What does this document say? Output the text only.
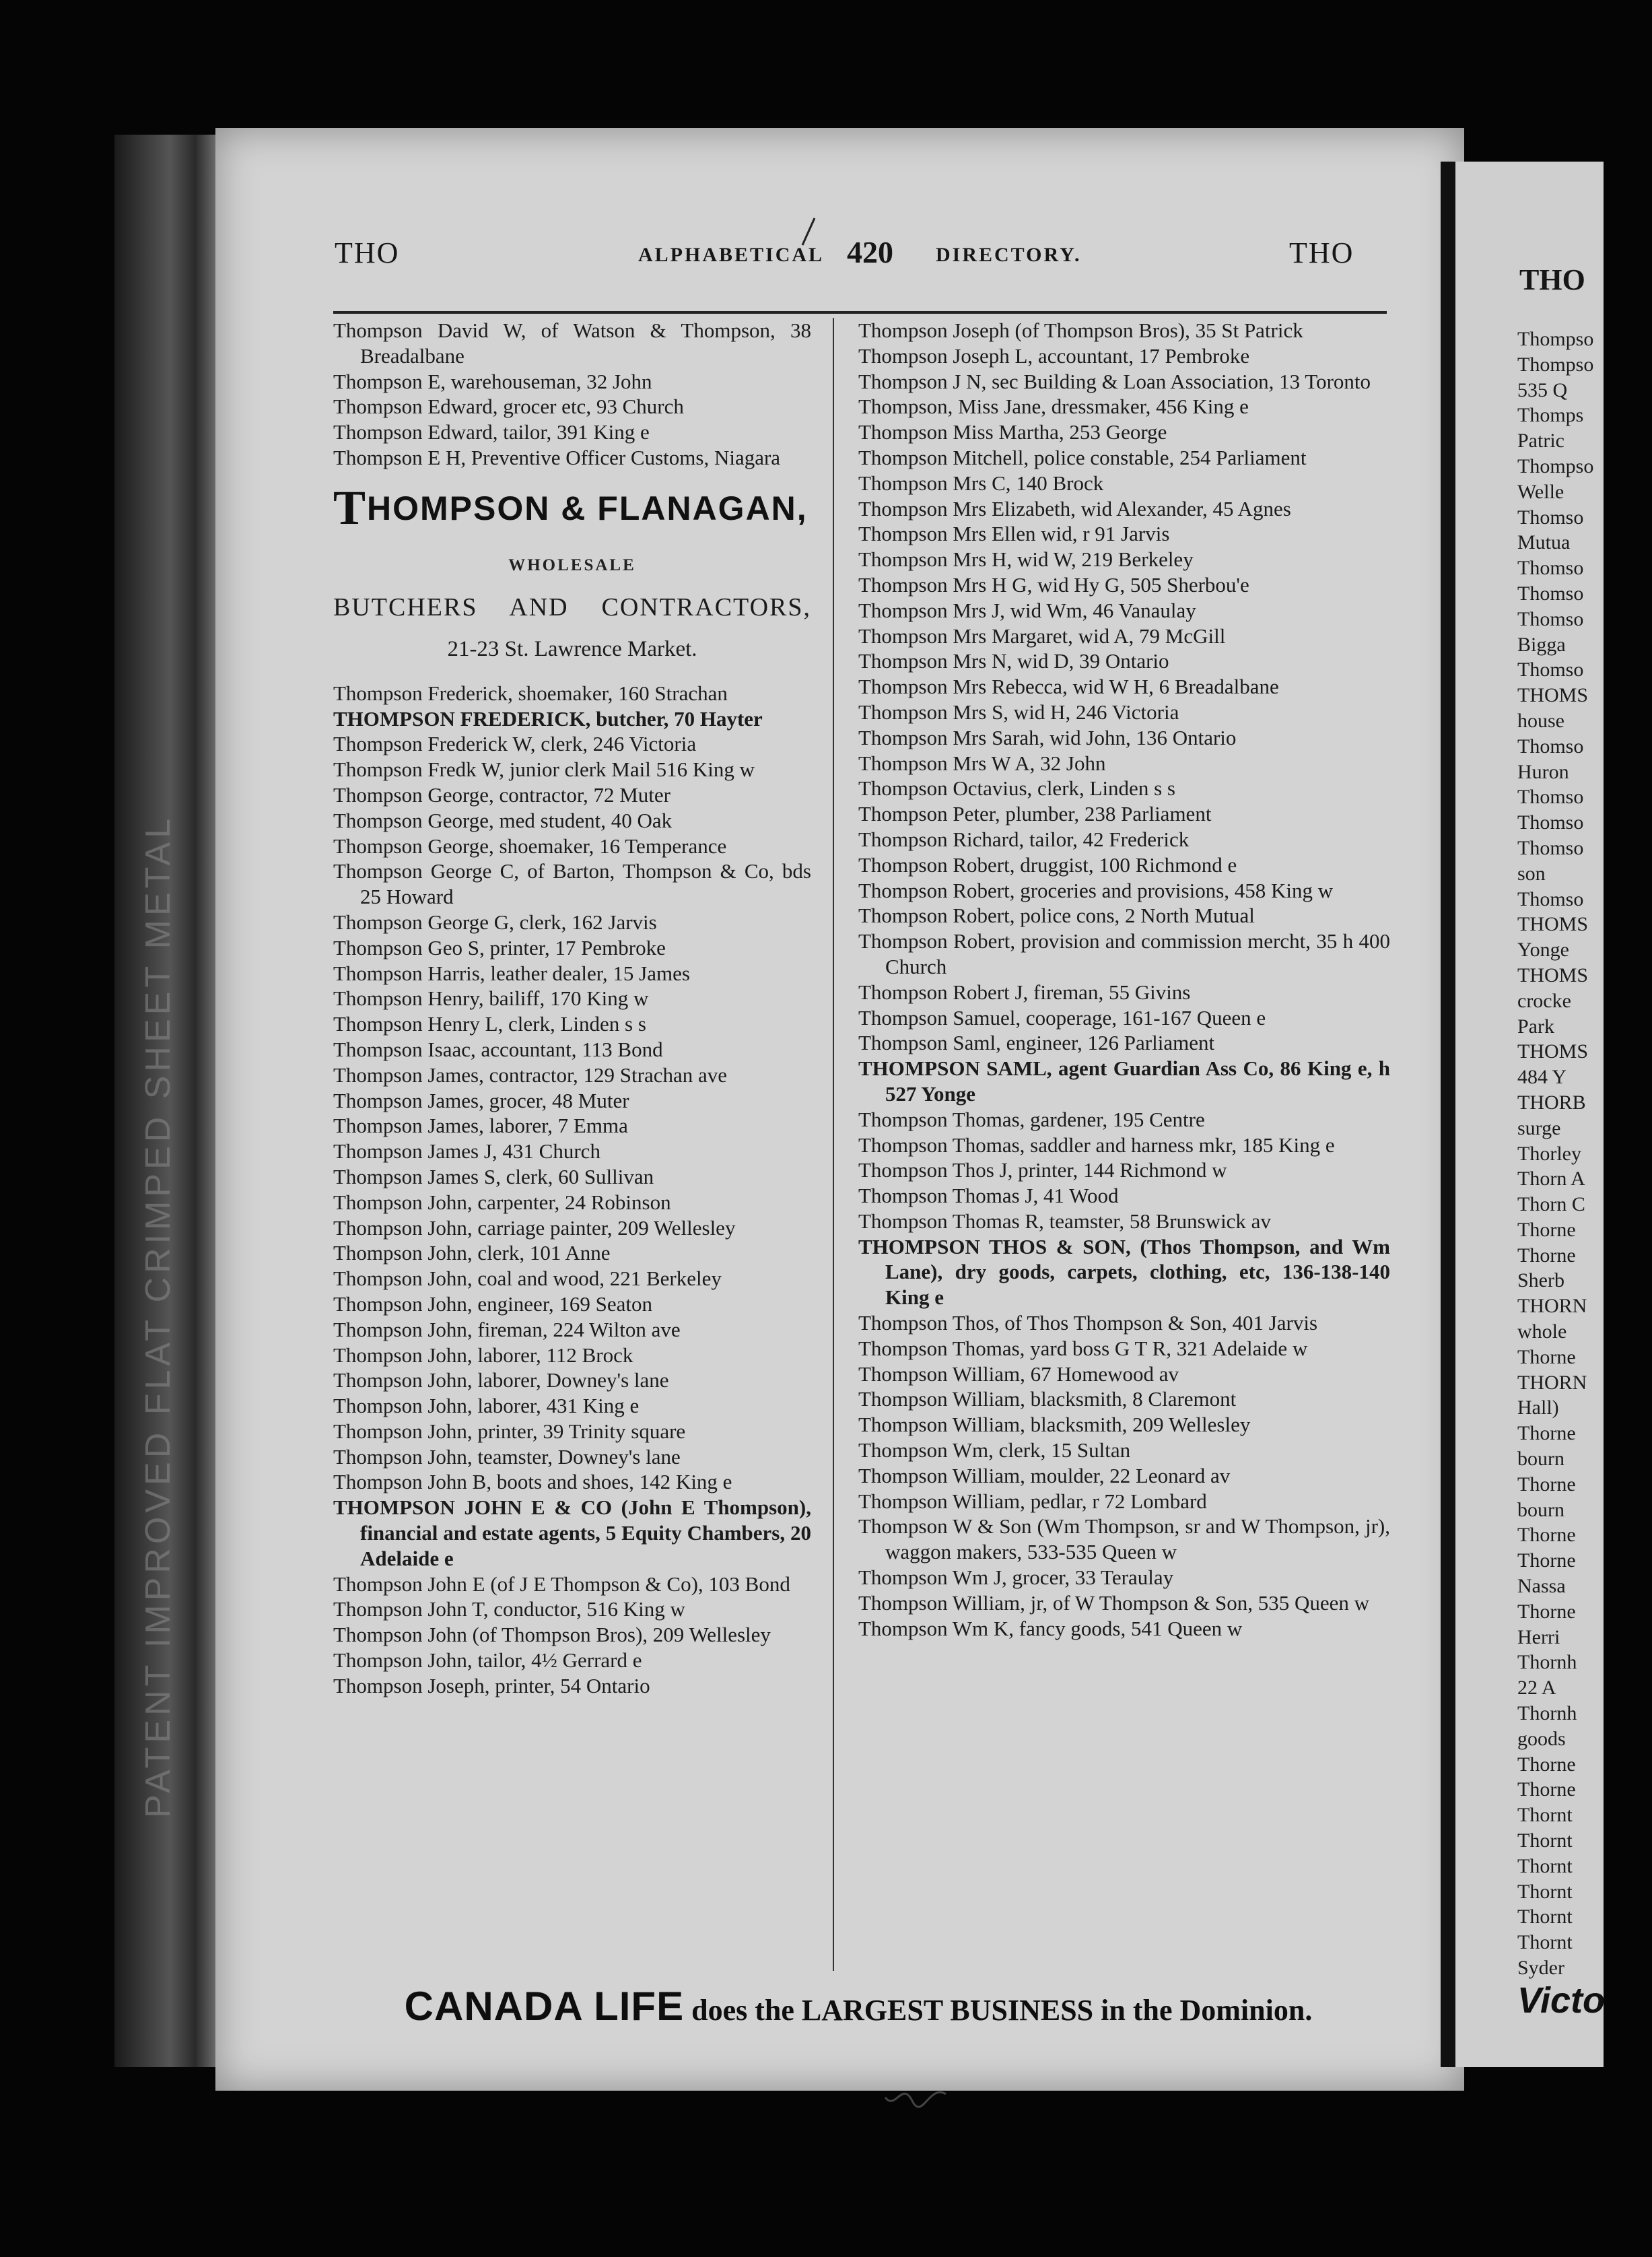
PATENT IMPROVED FLAT CRIMPED SHEET METAL
THO	ALPHABETICAL 420 DIRECTORY.	THO
Thompson David W, of Watson & Thompson, 38 Breadalbane
Thompson E, warehouseman, 32 John
Thompson Edward, grocer etc, 93 Church
Thompson Edward, tailor, 391 King e
Thompson E H, Preventive Officer Customs, Niagara
THOMPSON & FLANAGAN,
WHOLESALE
BUTCHERS AND CONTRACTORS,
21-23 St. Lawrence Market.
Thompson Frederick, shoemaker, 160 Strachan
THOMPSON FREDERICK, butcher, 70 Hayter
Thompson Frederick W, clerk, 246 Victoria
Thompson Fredk W, junior clerk Mail 516 King w
Thompson George, contractor, 72 Muter
Thompson George, med student, 40 Oak
Thompson George, shoemaker, 16 Temperance
Thompson George C, of Barton, Thompson & Co, bds 25 Howard
Thompson George G, clerk, 162 Jarvis
Thompson Geo S, printer, 17 Pembroke
Thompson Harris, leather dealer, 15 James
Thompson Henry, bailiff, 170 King w
Thompson Henry L, clerk, Linden s s
Thompson Isaac, accountant, 113 Bond
Thompson James, contractor, 129 Strachan ave
Thompson James, grocer, 48 Muter
Thompson James, laborer, 7 Emma
Thompson James J, 431 Church
Thompson James S, clerk, 60 Sullivan
Thompson John, carpenter, 24 Robinson
Thompson John, carriage painter, 209 Wellesley
Thompson John, clerk, 101 Anne
Thompson John, coal and wood, 221 Berkeley
Thompson John, engineer, 169 Seaton
Thompson John, fireman, 224 Wilton ave
Thompson John, laborer, 112 Brock
Thompson John, laborer, Downey's lane
Thompson John, laborer, 431 King e
Thompson John, printer, 39 Trinity square
Thompson John, teamster, Downey's lane
Thompson John B, boots and shoes, 142 King e
THOMPSON JOHN E & CO (John E Thompson), financial and estate agents, 5 Equity Chambers, 20 Adelaide e
Thompson John E (of J E Thompson & Co), 103 Bond
Thompson John T, conductor, 516 King w
Thompson John (of Thompson Bros), 209 Wellesley
Thompson John, tailor, 4½ Gerrard e
Thompson Joseph, printer, 54 Ontario
Thompson Joseph (of Thompson Bros), 35 St Patrick
Thompson Joseph L, accountant, 17 Pembroke
Thompson J N, sec Building & Loan Association, 13 Toronto
Thompson, Miss Jane, dressmaker, 456 King e
Thompson Miss Martha, 253 George
Thompson Mitchell, police constable, 254 Parliament
Thompson Mrs C, 140 Brock
Thompson Mrs Elizabeth, wid Alexander, 45 Agnes
Thompson Mrs Ellen wid, r 91 Jarvis
Thompson Mrs H, wid W, 219 Berkeley
Thompson Mrs H G, wid Hy G, 505 Sherbou'e
Thompson Mrs J, wid Wm, 46 Vanaulay
Thompson Mrs Margaret, wid A, 79 McGill
Thompson Mrs N, wid D, 39 Ontario
Thompson Mrs Rebecca, wid W H, 6 Breadalbane
Thompson Mrs S, wid H, 246 Victoria
Thompson Mrs Sarah, wid John, 136 Ontario
Thompson Mrs W A, 32 John
Thompson Octavius, clerk, Linden s s
Thompson Peter, plumber, 238 Parliament
Thompson Richard, tailor, 42 Frederick
Thompson Robert, druggist, 100 Richmond e
Thompson Robert, groceries and provisions, 458 King w
Thompson Robert, police cons, 2 North Mutual
Thompson Robert, provision and commission mercht, 35 h 400 Church
Thompson Robert J, fireman, 55 Givins
Thompson Samuel, cooperage, 161-167 Queen e
Thompson Saml, engineer, 126 Parliament
THOMPSON SAML, agent Guardian Ass Co, 86 King e, h 527 Yonge
Thompson Thomas, gardener, 195 Centre
Thompson Thomas, saddler and harness mkr, 185 King e
Thompson Thos J, printer, 144 Richmond w
Thompson Thomas J, 41 Wood
Thompson Thomas R, teamster, 58 Brunswick av
THOMPSON THOS & SON, (Thos Thompson, and Wm Lane), dry goods, carpets, clothing, etc, 136-138-140 King e
Thompson Thos, of Thos Thompson & Son, 401 Jarvis
Thompson Thomas, yard boss G T R, 321 Adelaide w
Thompson William, 67 Homewood av
Thompson William, blacksmith, 8 Claremont
Thompson William, blacksmith, 209 Wellesley
Thompson Wm, clerk, 15 Sultan
Thompson William, moulder, 22 Leonard av
Thompson William, pedlar, r 72 Lombard
Thompson W & Son (Wm Thompson, sr and W Thompson, jr), waggon makers, 533-535 Queen w
Thompson Wm J, grocer, 33 Teraulay
Thompson William, jr, of W Thompson & Son, 535 Queen w
Thompson Wm K, fancy goods, 541 Queen w
CANADA LIFE does the LARGEST BUSINESS in the Dominion.
THO
Thompso
Thompso
535 Q
Thomps
Patric
Thompso
Welle
Thomso
Mutua
Thomso
Thomso
Thomso
Bigga
Thomso
THOMS
house
Thomso
Huron
Thomso
Thomso
Thomso
son
Thomso
THOMS
Yonge
THOMS
crocke
Park
THOMS
484 Y
THORB
surge
Thorley
Thorn A
Thorn C
Thorne
Thorne
Sherb
THORN
whole
Thorne
THORN
Hall)
Thorne
bourn
Thorne
bourn
Thorne
Thorne
Nassa
Thorne
Herri
Thornh
22 A
Thornh
goods
Thorne
Thorne
Thornt
Thornt
Thornt
Thornt
Thornt
Thornt
Syder
Victo
